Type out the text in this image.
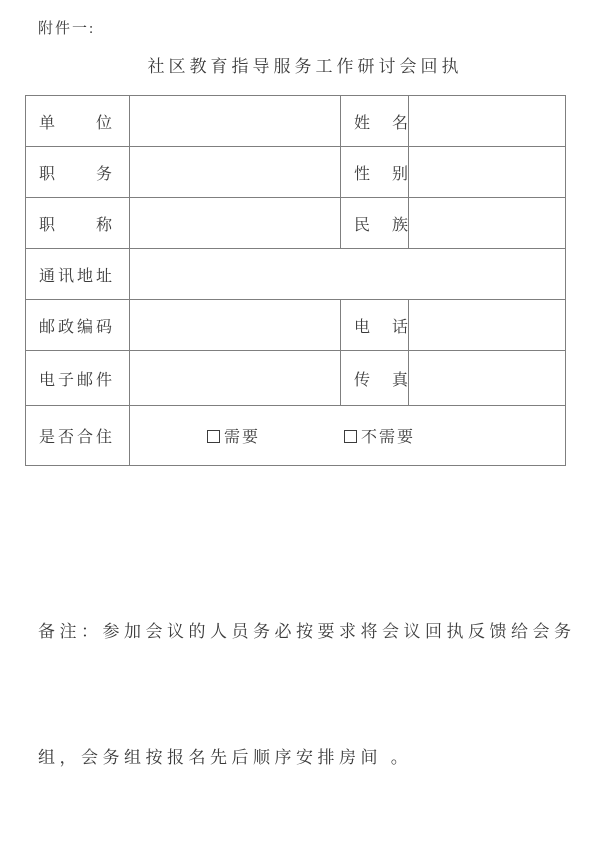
附件一:
社区教育指导服务工作研讨会回执
单　　位		姓　名	
职　　务		性　别	
职　　称		民　族	
通讯地址			
邮政编码		电　话	
电子邮件		传　真	
是否合住	需要 不需要		

备注：参加会议的人员务必按要求将会议回执反馈给会务

组，会务组按报名先后顺序安排房间 。
